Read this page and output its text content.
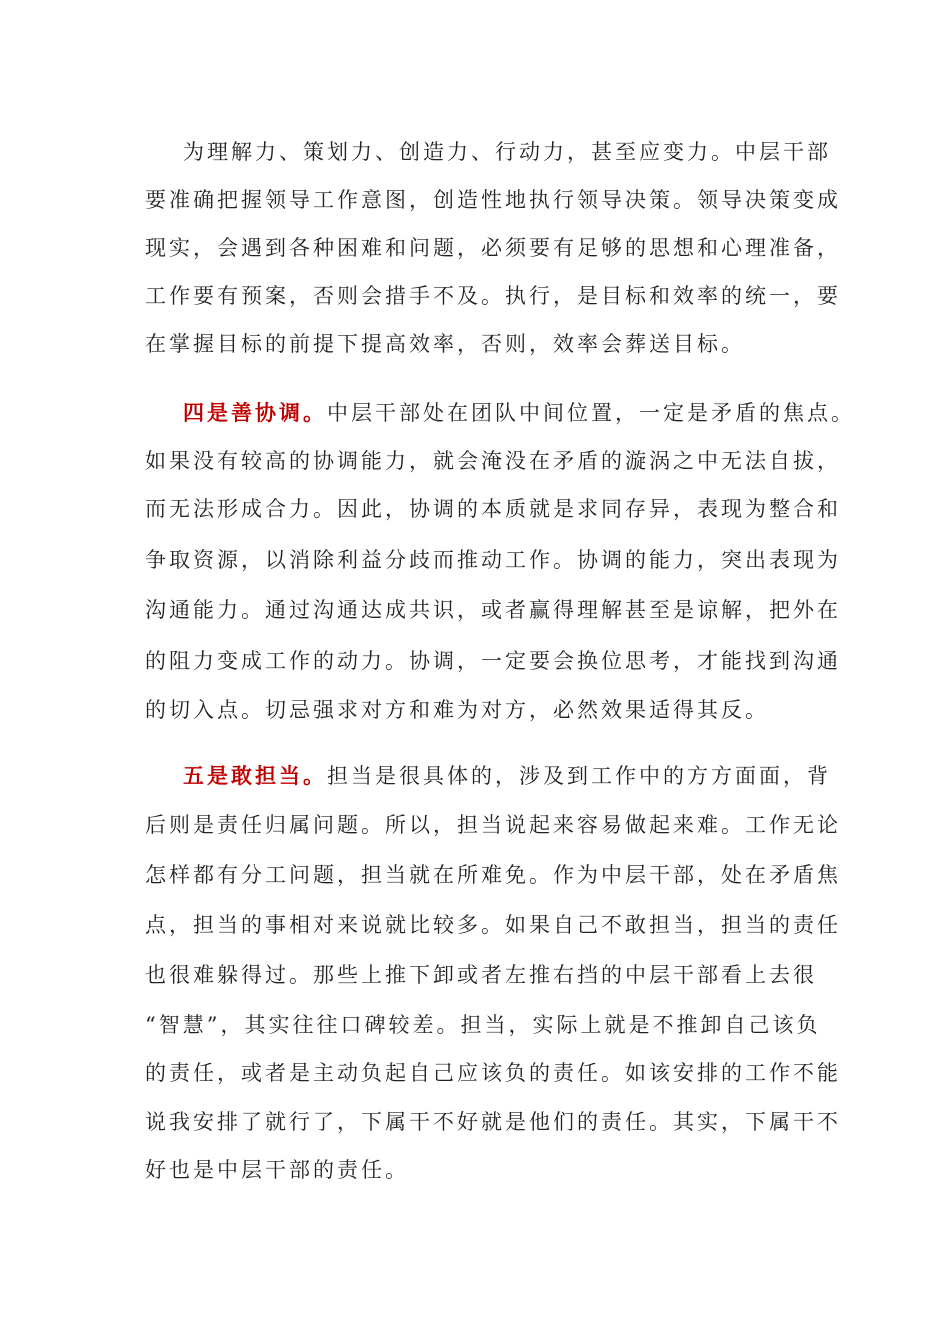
为理解力、策划力、创造力、行动力，甚至应变力。中层干部
要准确把握领导工作意图，创造性地执行领导决策。领导决策变成
现实，会遇到各种困难和问题，必须要有足够的思想和心理准备，
工作要有预案，否则会措手不及。执行，是目标和效率的统一，要
在掌握目标的前提下提高效率，否则，效率会葬送目标。
四是善协调。中层干部处在团队中间位置，一定是矛盾的焦点。
如果没有较高的协调能力，就会淹没在矛盾的漩涡之中无法自拔，
而无法形成合力。因此，协调的本质就是求同存异，表现为整合和
争取资源，以消除利益分歧而推动工作。协调的能力，突出表现为
沟通能力。通过沟通达成共识，或者赢得理解甚至是谅解，把外在
的阻力变成工作的动力。协调，一定要会换位思考，才能找到沟通
的切入点。切忌强求对方和难为对方，必然效果适得其反。
五是敢担当。担当是很具体的，涉及到工作中的方方面面，背
后则是责任归属问题。所以，担当说起来容易做起来难。工作无论
怎样都有分工问题，担当就在所难免。作为中层干部，处在矛盾焦
点，担当的事相对来说就比较多。如果自己不敢担当，担当的责任
也很难躲得过。那些上推下卸或者左推右挡的中层干部看上去很
“智慧”，其实往往口碑较差。担当，实际上就是不推卸自己该负
的责任，或者是主动负起自己应该负的责任。如该安排的工作不能
说我安排了就行了，下属干不好就是他们的责任。其实，下属干不
好也是中层干部的责任。
